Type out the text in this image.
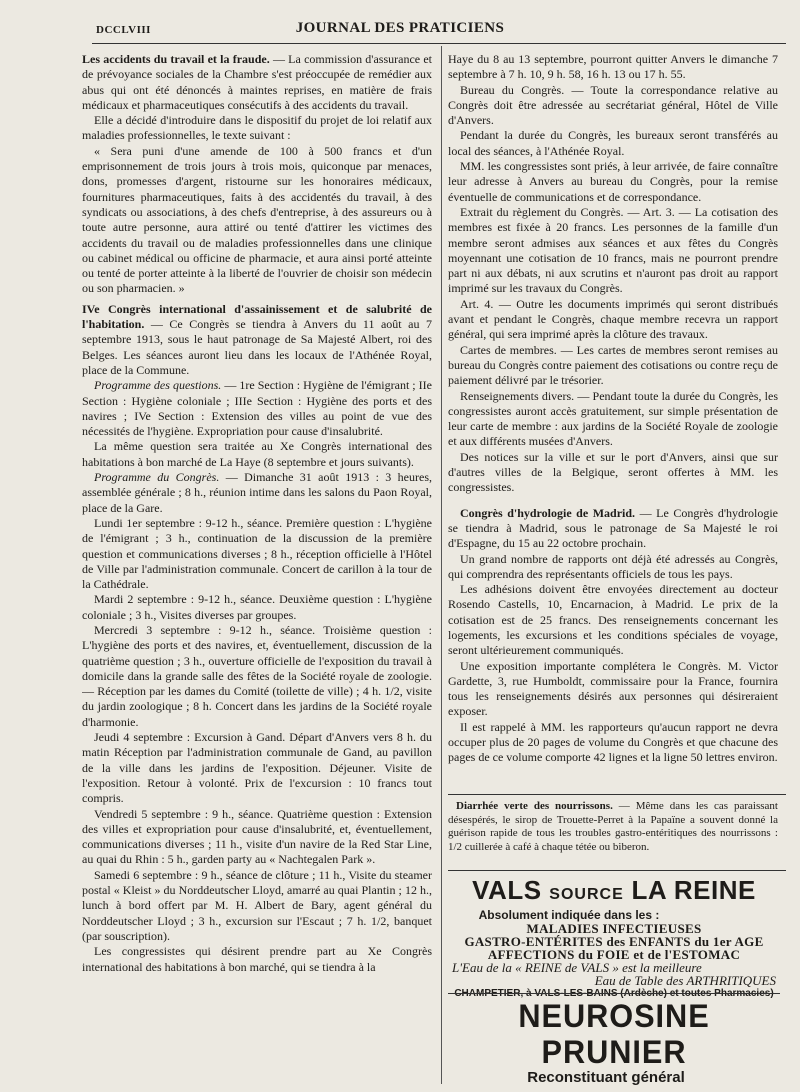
DCCLVIII	JOURNAL DES PRATICIENS

Les accidents du travail et la fraude. — La commission d'assurance et de prévoyance sociales de la Chambre s'est préoccupée de remédier aux abus qui ont été dénoncés à maintes reprises, en matière de frais médicaux et pharmaceutiques consécutifs à des accidents du travail.

Elle a décidé d'introduire dans le dispositif du projet de loi relatif aux maladies professionnelles, le texte suivant :

« Sera puni d'une amende de 100 à 500 francs et d'un emprisonnement de trois jours à trois mois, quiconque par menaces, dons, promesses d'argent, ristourne sur les honoraires médicaux, fournitures pharmaceutiques, faits à des accidentés du travail, à des syndicats ou associations, à des chefs d'entreprise, à des assureurs ou à toute autre personne, aura attiré ou tenté d'attirer les victimes des accidents du travail ou de maladies professionnelles dans une clinique ou cabinet médical ou officine de pharmacie, et aura ainsi porté atteinte ou tenté de porter atteinte à la liberté de l'ouvrier de choisir son médecin ou son pharmacien. »

IVe Congrès international d'assainissement et de salubrité de l'habitation. — Ce Congrès se tiendra à Anvers du 11 août au 7 septembre 1913, sous le haut patronage de Sa Majesté Albert, roi des Belges. Les séances auront lieu dans les locaux de l'Athénée Royal, place de la Commune.

Programme des questions. — 1re Section : Hygiène de l'émigrant ; IIe Section : Hygiène coloniale ; IIIe Section : Hygiène des ports et des navires ; IVe Section : Extension des villes au point de vue des nécessités de l'hygiène. Expropriation pour cause d'insalubrité.

La même question sera traitée au Xe Congrès international des habitations à bon marché de La Haye (8 septembre et jours suivants).

Programme du Congrès. — Dimanche 31 août 1913 : 3 heures, assemblée générale ; 8 h., réunion intime dans les salons du Paon Royal, place de la Gare.

Lundi 1er septembre : 9-12 h., séance. Première question : L'hygiène de l'émigrant ; 3 h., continuation de la discussion de la première question et communications diverses ; 8 h., réception officielle à l'Hôtel de Ville par l'administration communale. Concert de carillon à la tour de la Cathédrale.

Mardi 2 septembre : 9-12 h., séance. Deuxième question : L'hygiène coloniale ; 3 h., Visites diverses par groupes.

Mercredi 3 septembre : 9-12 h., séance. Troisième question : L'hygiène des ports et des navires, et, éventuellement, discussion de la quatrième question ; 3 h., ouverture officielle de l'exposition du travail à domicile dans la grande salle des fêtes de la Société royale de zoologie. — Réception par les dames du Comité (toilette de ville) ; 4 h. 1/2, visite du jardin zoologique ; 8 h. Concert dans les jardins de la Société royale d'harmonie.

Jeudi 4 septembre : Excursion à Gand. Départ d'Anvers vers 8 h. du matin Réception par l'administration communale de Gand, au pavillon de la ville dans les jardins de l'exposition. Déjeuner. Visite de l'exposition. Retour à volonté. Prix de l'excursion : 10 francs tout compris.

Vendredi 5 septembre : 9 h., séance. Quatrième question : Extension des villes et expropriation pour cause d'insalubrité, et, éventuellement, communications diverses ; 11 h., visite d'un navire de la Red Star Line, au quai du Rhin : 5 h., garden party au « Nachtegalen Park ».

Samedi 6 septembre : 9 h., séance de clôture ; 11 h., Visite du steamer postal « Kleist » du Norddeutscher Lloyd, amarré au quai Plantin ; 12 h., lunch à bord offert par M. H. Albert de Bary, agent général du Norddeutscher Lloyd ; 3 h., excursion sur l'Escaut ; 7 h. 1/2, banquet (par souscription).

Les congressistes qui désirent prendre part au Xe Congrès international des habitations à bon marché, qui se tiendra à la

Haye du 8 au 13 septembre, pourront quitter Anvers le dimanche 7 septembre à 7 h. 10, 9 h. 58, 16 h. 13 ou 17 h. 55.

Bureau du Congrès. — Toute la correspondance relative au Congrès doit être adressée au secrétariat général, Hôtel de Ville d'Anvers.

Pendant la durée du Congrès, les bureaux seront transférés au local des séances, à l'Athénée Royal.

MM. les congressistes sont priés, à leur arrivée, de faire connaître leur adresse à Anvers au bureau du Congrès, pour la remise éventuelle de communications et de correspondance.

Extrait du règlement du Congrès. — Art. 3. — La cotisation des membres est fixée à 20 francs. Les personnes de la famille d'un membre seront admises aux séances et aux fêtes du Congrès moyennant une cotisation de 10 francs, mais ne pourront prendre part ni aux débats, ni aux scrutins et n'auront pas droit au rapport imprimé sur les travaux du Congrès.

Art. 4. — Outre les documents imprimés qui seront distribués avant et pendant le Congrès, chaque membre recevra un rapport général, qui sera imprimé après la clôture des travaux.

Cartes de membres. — Les cartes de membres seront remises au bureau du Congrès contre paiement des cotisations ou contre reçu de paiement délivré par le trésorier.

Renseignements divers. — Pendant toute la durée du Congrès, les congressistes auront accès gratuitement, sur simple présentation de leur carte de membre : aux jardins de la Société Royale de zoologie et aux différents musées d'Anvers.

Des notices sur la ville et sur le port d'Anvers, ainsi que sur d'autres villes de la Belgique, seront offertes à MM. les congressistes.

Congrès d'hydrologie de Madrid. — Le Congrès d'hydrologie se tiendra à Madrid, sous le patronage de Sa Majesté le roi d'Espagne, du 15 au 22 octobre prochain.

Un grand nombre de rapports ont déjà été adressés au Congrès, qui comprendra des représentants officiels de tous les pays.

Les adhésions doivent être envoyées directement au docteur Rosendo Castells, 10, Encarnacion, à Madrid. Le prix de la cotisation est de 25 francs. Des renseignements concernant les logements, les excursions et les conditions spéciales de voyage, seront ultérieurement communiqués.

Une exposition importante complétera le Congrès. M. Victor Gardette, 3, rue Humboldt, commissaire pour la France, fournira tous les renseignements désirés aux personnes qui désireraient exposer.

Il est rappelé à MM. les rapporteurs qu'aucun rapport ne devra occuper plus de 20 pages de volume du Congrès et que chacune des pages de ce volume comporte 42 lignes et la ligne 50 lettres environ.

Diarrhée verte des nourrissons. — Même dans les cas paraissant désespérés, le sirop de Trouette-Perret à la Papaïne a souvent donné la guérison rapide de tous les troubles gastro-entéritiques des nourrissons : 1/2 cuillerée à café à chaque tétée ou biberon.

VALS SOURCE LA REINE
Absolument indiquée dans les :
MALADIES INFECTIEUSES
GASTRO-ENTÉRITES des ENFANTS du 1er AGE
AFFECTIONS du FOIE et de l'ESTOMAC
L'Eau de la « REINE de VALS » est la meilleure
Eau de Table des ARTHRITIQUES
CHAMPETIER, à VALS-LES-BAINS (Ardèche) et toutes Pharmacies)
NEUROSINE PRUNIER
Reconstituant général
